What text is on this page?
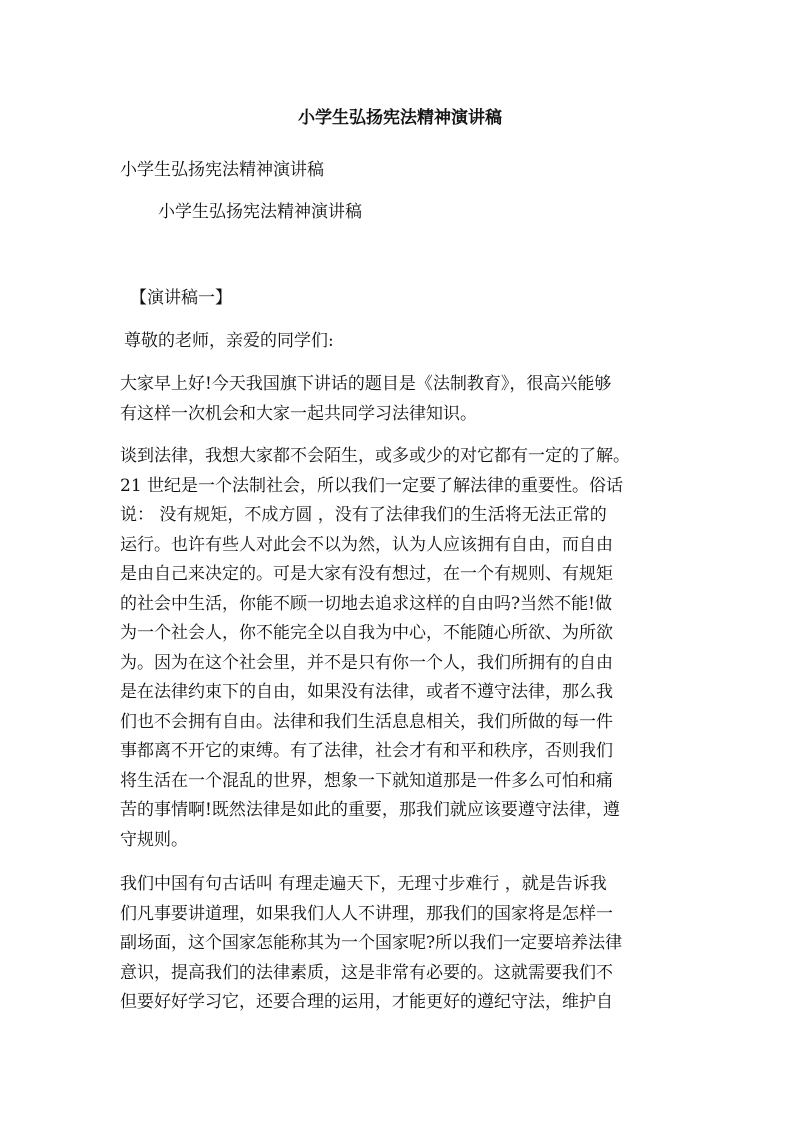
小学生弘扬宪法精神演讲稿
小学生弘扬宪法精神演讲稿
小学生弘扬宪法精神演讲稿
【演讲稿一】
尊敬的老师，亲爱的同学们:
大家早上好!今天我国旗下讲话的题目是《法制教育》，很高兴能够
有这样一次机会和大家一起共同学习法律知识。
谈到法律，我想大家都不会陌生，或多或少的对它都有一定的了解。
21 世纪是一个法制社会，所以我们一定要了解法律的重要性。俗话
说： 没有规矩，不成方圆 ，没有了法律我们的生活将无法正常的
运行。也许有些人对此会不以为然，认为人应该拥有自由，而自由
是由自己来决定的。可是大家有没有想过，在一个有规则、有规矩
的社会中生活，你能不顾一切地去追求这样的自由吗?当然不能!做
为一个社会人，你不能完全以自我为中心，不能随心所欲、为所欲
为。因为在这个社会里，并不是只有你一个人，我们所拥有的自由
是在法律约束下的自由，如果没有法律，或者不遵守法律，那么我
们也不会拥有自由。法律和我们生活息息相关，我们所做的每一件
事都离不开它的束缚。有了法律，社会才有和平和秩序，否则我们
将生活在一个混乱的世界，想象一下就知道那是一件多么可怕和痛
苦的事情啊!既然法律是如此的重要，那我们就应该要遵守法律，遵
守规则。
我们中国有句古话叫 有理走遍天下，无理寸步难行 ，就是告诉我
们凡事要讲道理，如果我们人人不讲理，那我们的国家将是怎样一
副场面，这个国家怎能称其为一个国家呢?所以我们一定要培养法律
意识，提高我们的法律素质，这是非常有必要的。这就需要我们不
但要好好学习它，还要合理的运用，才能更好的遵纪守法，维护自
